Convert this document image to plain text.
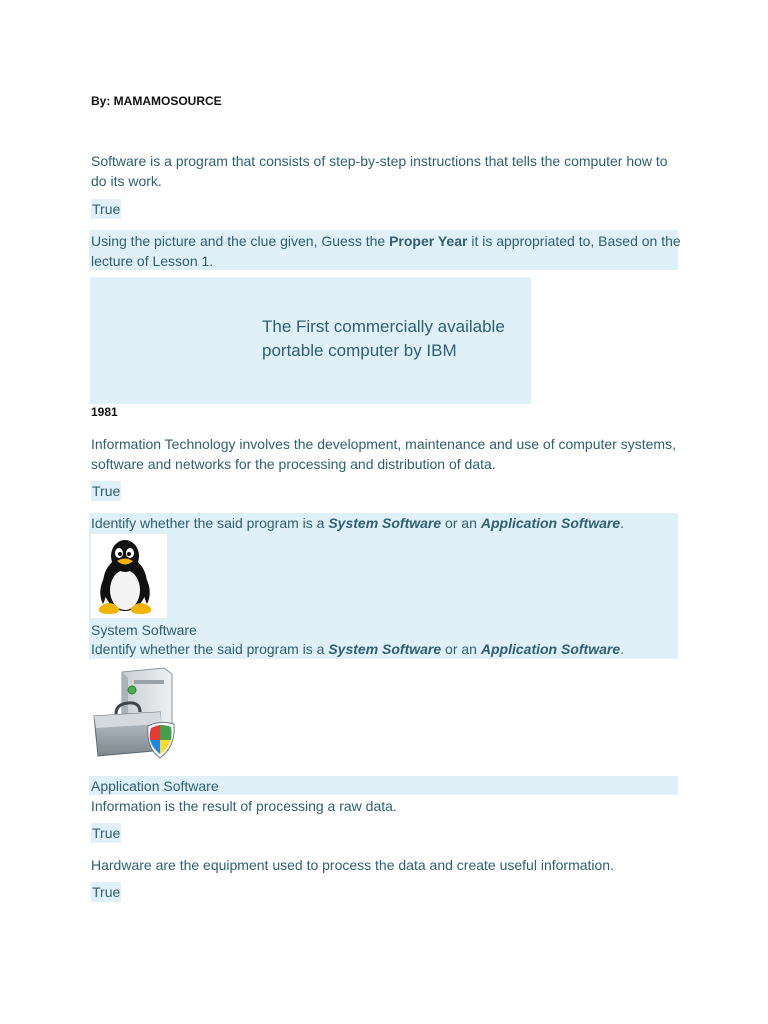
By: MAMAMOSOURCE
Software is a program that consists of step-by-step instructions that tells the computer how to do its work.
True
Using the picture and the clue given, Guess the Proper Year it is appropriated to, Based on the lecture of Lesson 1.
The First commercially available portable computer by IBM
1981
Information Technology involves the development, maintenance and use of computer systems, software and networks for the processing and distribution of data.
True
Identify whether the said program is a System Software or an Application Software.
System Software
Identify whether the said program is a System Software or an Application Software.
Application Software
Information is the result of processing a raw data.
True
Hardware are the equipment used to process the data and create useful information.
True
